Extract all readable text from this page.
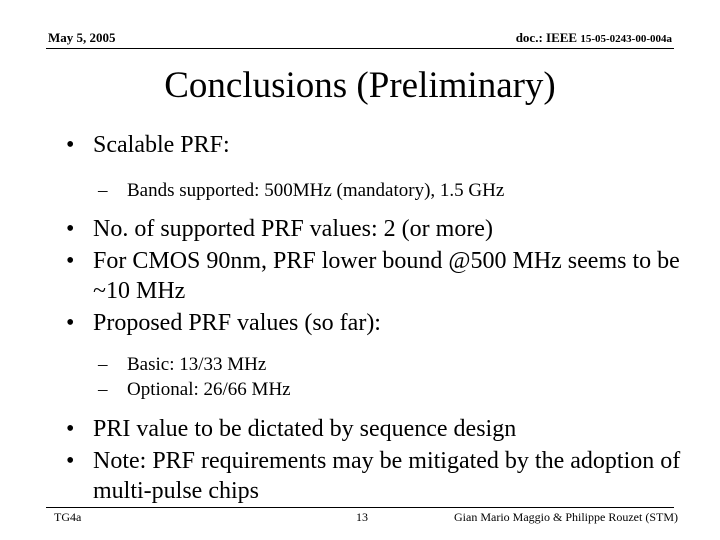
May 5, 2005	doc.: IEEE 15-05-0243-00-004a
Conclusions (Preliminary)
• Scalable PRF:
– Bands supported: 500MHz (mandatory), 1.5 GHz
• No. of supported PRF values: 2 (or more)
• For CMOS 90nm, PRF lower bound @500 MHz seems to be ~10 MHz
• Proposed PRF values (so far):
– Basic: 13/33 MHz
– Optional: 26/66 MHz
• PRI value to be dictated by sequence design
• Note: PRF requirements may be mitigated by the adoption of multi-pulse chips
TG4a	13	Gian Mario Maggio & Philippe Rouzet (STM)
